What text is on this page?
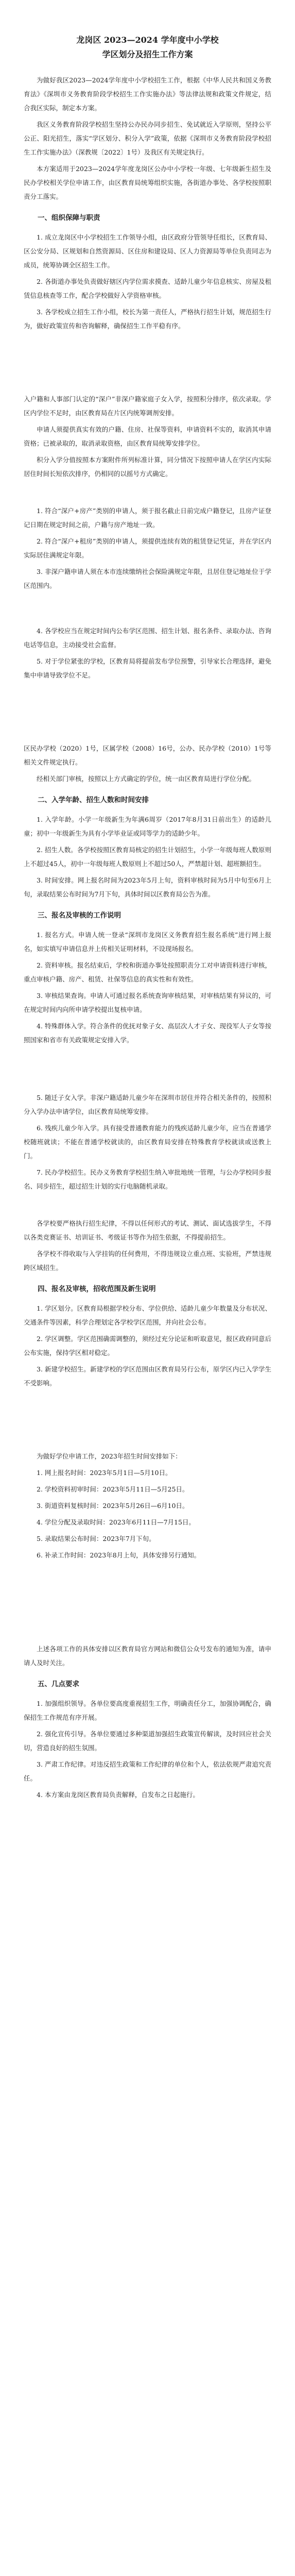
龙岗区 2023—2024 学年度中小学校
学区划分及招生工作方案

为做好我区2023—2024学年度中小学校招生工作，根据《中华人民共和国义务教育法》《深圳市义务教育阶段学校招生工作实施办法》等法律法规和政策文件规定，结合我区实际，制定本方案。

我区义务教育阶段学校招生坚持公办民办同步招生、免试就近入学原则，坚持公平公正、阳光招生，落实“学区划分、积分入学”政策，依据《深圳市义务教育阶段学校招生工作实施办法》（深教规〔2022〕1号）及我区有关规定执行。

本方案适用于2023—2024学年度龙岗区公办中小学校一年级、七年级新生招生及民办学校相关学位申请工作，由区教育局统筹组织实施，各街道办事处、各学校按照职责分工落实。

一、组织保障与职责

1. 成立龙岗区中小学校招生工作领导小组，由区政府分管领导任组长，区教育局、区公安分局、区规划和自然资源局、区住房和建设局、区人力资源局等单位负责同志为成员，统筹协调全区招生工作。

2. 各街道办事处负责做好辖区内学位需求摸查、适龄儿童少年信息核实、房屋及租赁信息核查等工作，配合学校做好入学资格审核。

3. 各学校成立招生工作小组，校长为第一责任人，严格执行招生计划，规范招生行为，做好政策宣传和咨询解释，确保招生工作平稳有序。

入户籍和人事部门认定的“深户”非深户籍家庭子女入学，按照积分排序，依次录取。学区内学位不足时，由区教育局在片区内统筹调剂安排。

申请人须提供真实有效的户籍、住房、社保等资料，申请资料不实的，取消其申请资格；已被录取的，取消录取资格，由区教育局统筹安排学位。

积分入学分值按照本方案附件所列标准计算，同分情况下按照申请人在学区内实际居住时间长短依次排序，仍相同的以摇号方式确定。

1. 符合“深户+房产”类别的申请人，须于报名截止日前完成户籍登记，且房产证登记日期在规定时间之前，户籍与房产地址一致。

2. 符合“深户+租房”类别的申请人，须提供连续有效的租赁登记凭证，并在学区内实际居住满规定年限。

3. 非深户籍申请人须在本市连续缴纳社会保险满规定年限，且居住登记地址位于学区范围内。

4. 各学校应当在规定时间内公布学区范围、招生计划、报名条件、录取办法、咨询电话等信息，主动接受社会监督。

5. 对于学位紧张的学校，区教育局将提前发布学位预警，引导家长合理选择，避免集中申请导致学位不足。

区民办学校（2020）1号，区属学校（2008）16号，公办、民办学校（2010）1号等相关文件规定执行。

经相关部门审核，按照以上方式确定的学位，统一由区教育局进行学位分配。

二、入学年龄、招生人数和时间安排

1. 入学年龄。小学一年级新生为年满6周岁（2017年8月31日前出生）的适龄儿童；初中一年级新生为具有小学毕业证或同等学力的适龄少年。

2. 招生人数。各学校按照区教育局核定的招生计划招生，小学一年级每班人数原则上不超过45人，初中一年级每班人数原则上不超过50人，严禁超计划、超班额招生。

3. 时间安排。网上报名时间为2023年5月上旬，资料审核时间为5月中旬至6月上旬，录取结果公布时间为7月下旬，具体时间以区教育局公告为准。

三、报名及审核的工作说明

1. 报名方式。申请人统一登录“深圳市龙岗区义务教育招生报名系统”进行网上报名，如实填写申请信息并上传相关证明材料，不设现场报名。

2. 资料审核。报名结束后，学校和街道办事处按照职责分工对申请资料进行审核，重点审核户籍、房产、租赁、社保等信息的真实性和有效性。

3. 审核结果查询。申请人可通过报名系统查询审核结果，对审核结果有异议的，可在规定时间内向所申请学校提出复核申请。

4. 特殊群体入学。符合条件的优抚对象子女、高层次人才子女、现役军人子女等按照国家和省市有关政策规定安排入学。

5. 随迁子女入学。非深户籍适龄儿童少年在深圳市居住并符合相关条件的，按照积分入学办法申请学位，由区教育局统筹安排。

6. 残疾儿童少年入学。具有接受普通教育能力的残疾适龄儿童少年，应当在普通学校随班就读；不能在普通学校就读的，由区教育局安排在特殊教育学校就读或送教上门。

7. 民办学校招生。民办义务教育学校招生纳入审批地统一管理，与公办学校同步报名、同步招生，超过招生计划的实行电脑随机录取。

各学校要严格执行招生纪律，不得以任何形式的考试、测试、面试选拔学生，不得以各类竞赛证书、培训证书、考级证书等作为招生依据，不得提前招生。

各学校不得收取与入学挂钩的任何费用，不得违规设立重点班、实验班，严禁违规跨区域招生。

四、报名及审核，招收范围及新生说明

1. 学区划分。区教育局根据学校分布、学位供给、适龄儿童少年数量及分布状况、交通条件等因素，科学合理划定各学校学区范围，并向社会公布。

2. 学区调整。学区范围确需调整的，须经过充分论证和听取意见，报区政府同意后公布实施，保持学区相对稳定。

3. 新建学校招生。新建学校的学区范围由区教育局另行公布，原学区内已入学学生不受影响。

为做好学位申请工作，2023年招生时间安排如下：

1. 网上报名时间：2023年5月1日—5月10日。

2. 学校资料初审时间：2023年5月11日—5月25日。

3. 街道资料复核时间：2023年5月26日—6月10日。

4. 学位分配及录取时间：2023年6月11日—7月15日。

5. 录取结果公布时间：2023年7月下旬。

6. 补录工作时间：2023年8月上旬，具体安排另行通知。

上述各项工作的具体安排以区教育局官方网站和微信公众号发布的通知为准，请申请人及时关注。

五、几点要求

1. 加强组织领导。各单位要高度重视招生工作，明确责任分工，加强协调配合，确保招生工作规范有序开展。

2. 强化宣传引导。各单位要通过多种渠道加强招生政策宣传解读，及时回应社会关切，营造良好的招生氛围。

3. 严肃工作纪律。对违反招生政策和工作纪律的单位和个人，依法依规严肃追究责任。

4. 本方案由龙岗区教育局负责解释，自发布之日起施行。
